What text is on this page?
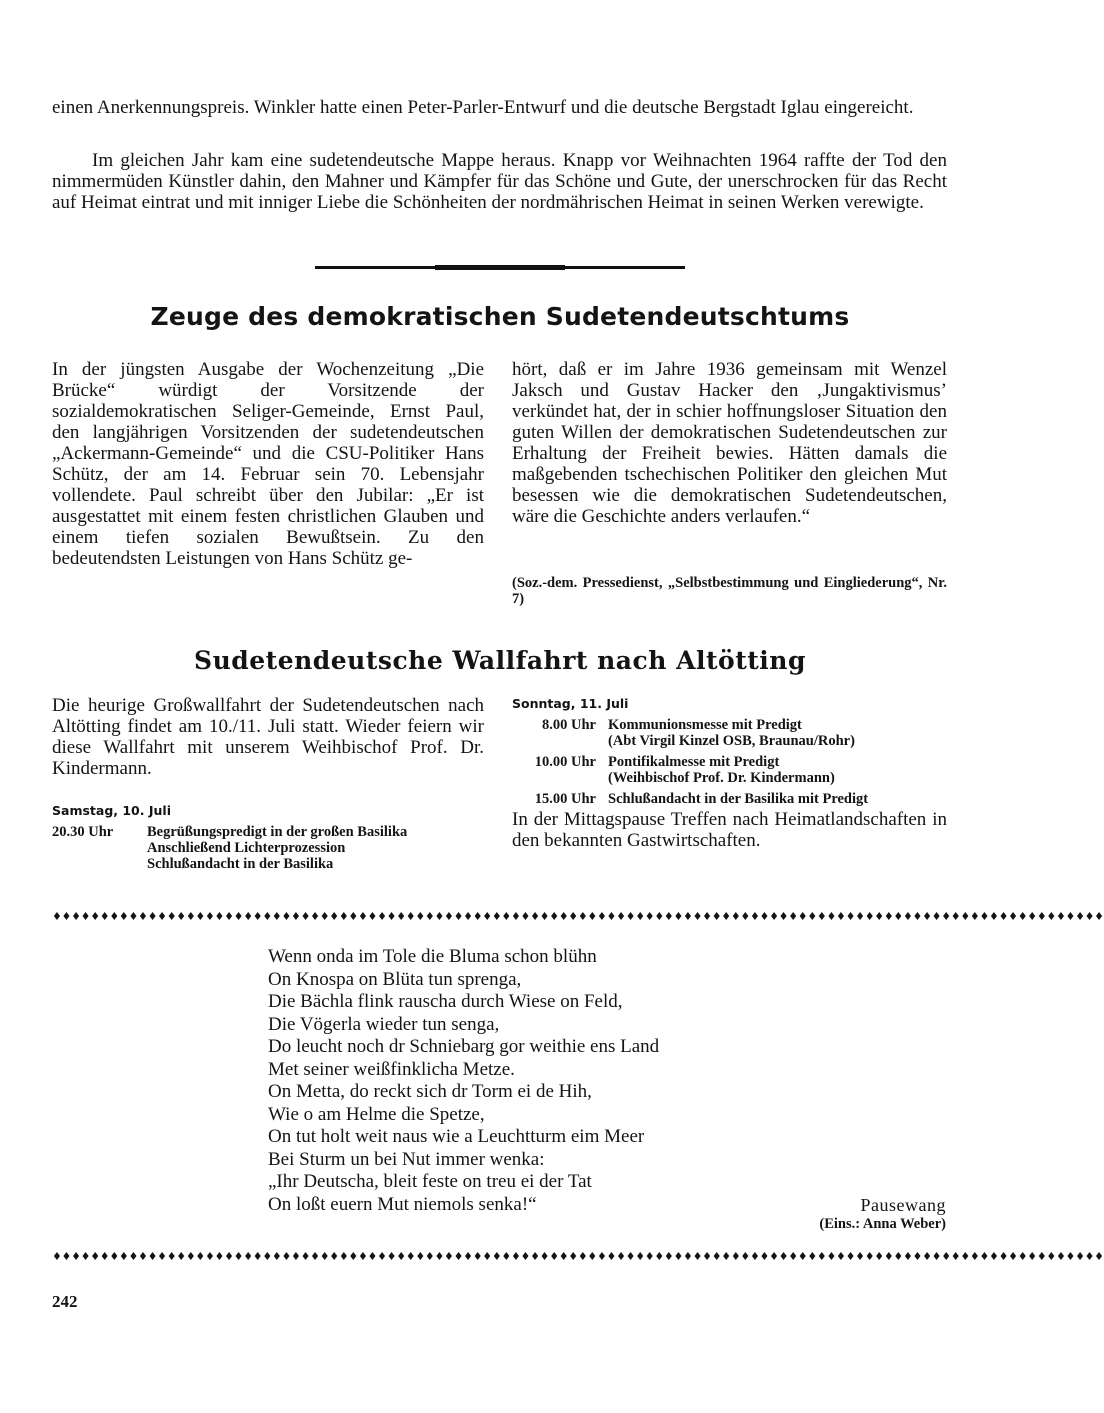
einen Anerkennungspreis. Winkler hatte einen Peter-Parler-Entwurf und die deutsche Bergstadt Iglau eingereicht.

Im gleichen Jahr kam eine sudetendeutsche Mappe heraus. Knapp vor Weihnachten 1964 raffte der Tod den nimmermüden Künstler dahin, den Mahner und Kämpfer für das Schöne und Gute, der unerschrocken für das Recht auf Heimat eintrat und mit inniger Liebe die Schönheiten der nordmährischen Heimat in seinen Werken verewigte.

Zeuge des demokratischen Sudetendeutschtums

In der jüngsten Ausgabe der Wochenzeitung „Die Brücke“ würdigt der Vorsitzende der sozialdemokratischen Seliger-Gemeinde, Ernst Paul, den langjährigen Vorsitzenden der sudetendeutschen „Ackermann-Gemeinde“ und die CSU-Politiker Hans Schütz, der am 14. Februar sein 70. Lebensjahr vollendete. Paul schreibt über den Jubilar: „Er ist ausgestattet mit einem festen christlichen Glauben und einem tiefen sozialen Bewußtsein. Zu den bedeutendsten Leistungen von Hans Schütz ge-

hört, daß er im Jahre 1936 gemeinsam mit Wenzel Jaksch und Gustav Hacker den ‚Jungaktivismus’ verkündet hat, der in schier hoffnungsloser Situation den guten Willen der demokratischen Sudetendeutschen zur Erhaltung der Freiheit bewies. Hätten damals die maßgebenden tschechischen Politiker den gleichen Mut besessen wie die demokratischen Sudetendeutschen, wäre die Geschichte anders verlaufen.“

(Soz.-dem. Pressedienst, „Selbstbestimmung und Eingliederung“, Nr. 7)

Sudetendeutsche Wallfahrt nach Altötting

Die heurige Großwallfahrt der Sudetendeutschen nach Altötting findet am 10./11. Juli statt. Wieder feiern wir diese Wallfahrt mit unserem Weihbischof Prof. Dr. Kindermann.

Samstag, 10. Juli

20.30 Uhr	Begrüßungspredigt in der großen Basilika
Anschließend Lichterprozession
Schlußandacht in der Basilika

Sonntag, 11. Juli

8.00 Uhr Kommunionsmesse mit Predigt
(Abt Virgil Kinzel OSB, Braunau/Rohr)
10.00 Uhr Pontifikalmesse mit Predigt
(Weihbischof Prof. Dr. Kindermann)
15.00 Uhr Schlußandacht in der Basilika mit Predigt

In der Mittagspause Treffen nach Heimatlandschaften in den bekannten Gastwirtschaften.

♦♦♦♦♦♦♦♦♦♦♦♦♦♦♦♦♦♦♦♦♦♦♦♦♦♦♦♦♦♦♦♦♦♦♦♦♦♦♦♦♦♦♦♦♦♦♦♦♦♦♦♦♦♦♦♦♦♦♦♦♦♦♦♦♦♦♦♦♦♦♦♦♦♦♦♦♦♦♦♦♦♦♦♦♦♦♦♦♦♦♦♦♦♦♦♦♦♦♦♦♦♦♦♦♦♦♦♦♦♦

Wenn onda im Tole die Bluma schon blühn
On Knospa on Blüta tun sprenga,
Die Bächla flink rauscha durch Wiese on Feld,
Die Vögerla wieder tun senga,
Do leucht noch dr Schniebarg gor weithie ens Land
Met seiner weißfinklicha Metze.
On Metta, do reckt sich dr Torm ei de Hih,
Wie o am Helme die Spetze,
On tut holt weit naus wie a Leuchtturm eim Meer
Bei Sturm un bei Nut immer wenka:
„Ihr Deutscha, bleit feste on treu ei der Tat
On loßt euern Mut niemols senka!“	Pausewang

(Eins.: Anna Weber)

♦♦♦♦♦♦♦♦♦♦♦♦♦♦♦♦♦♦♦♦♦♦♦♦♦♦♦♦♦♦♦♦♦♦♦♦♦♦♦♦♦♦♦♦♦♦♦♦♦♦♦♦♦♦♦♦♦♦♦♦♦♦♦♦♦♦♦♦♦♦♦♦♦♦♦♦♦♦♦♦♦♦♦♦♦♦♦♦♦♦♦♦♦♦♦♦♦♦♦♦♦♦♦♦♦♦♦♦♦♦

242
